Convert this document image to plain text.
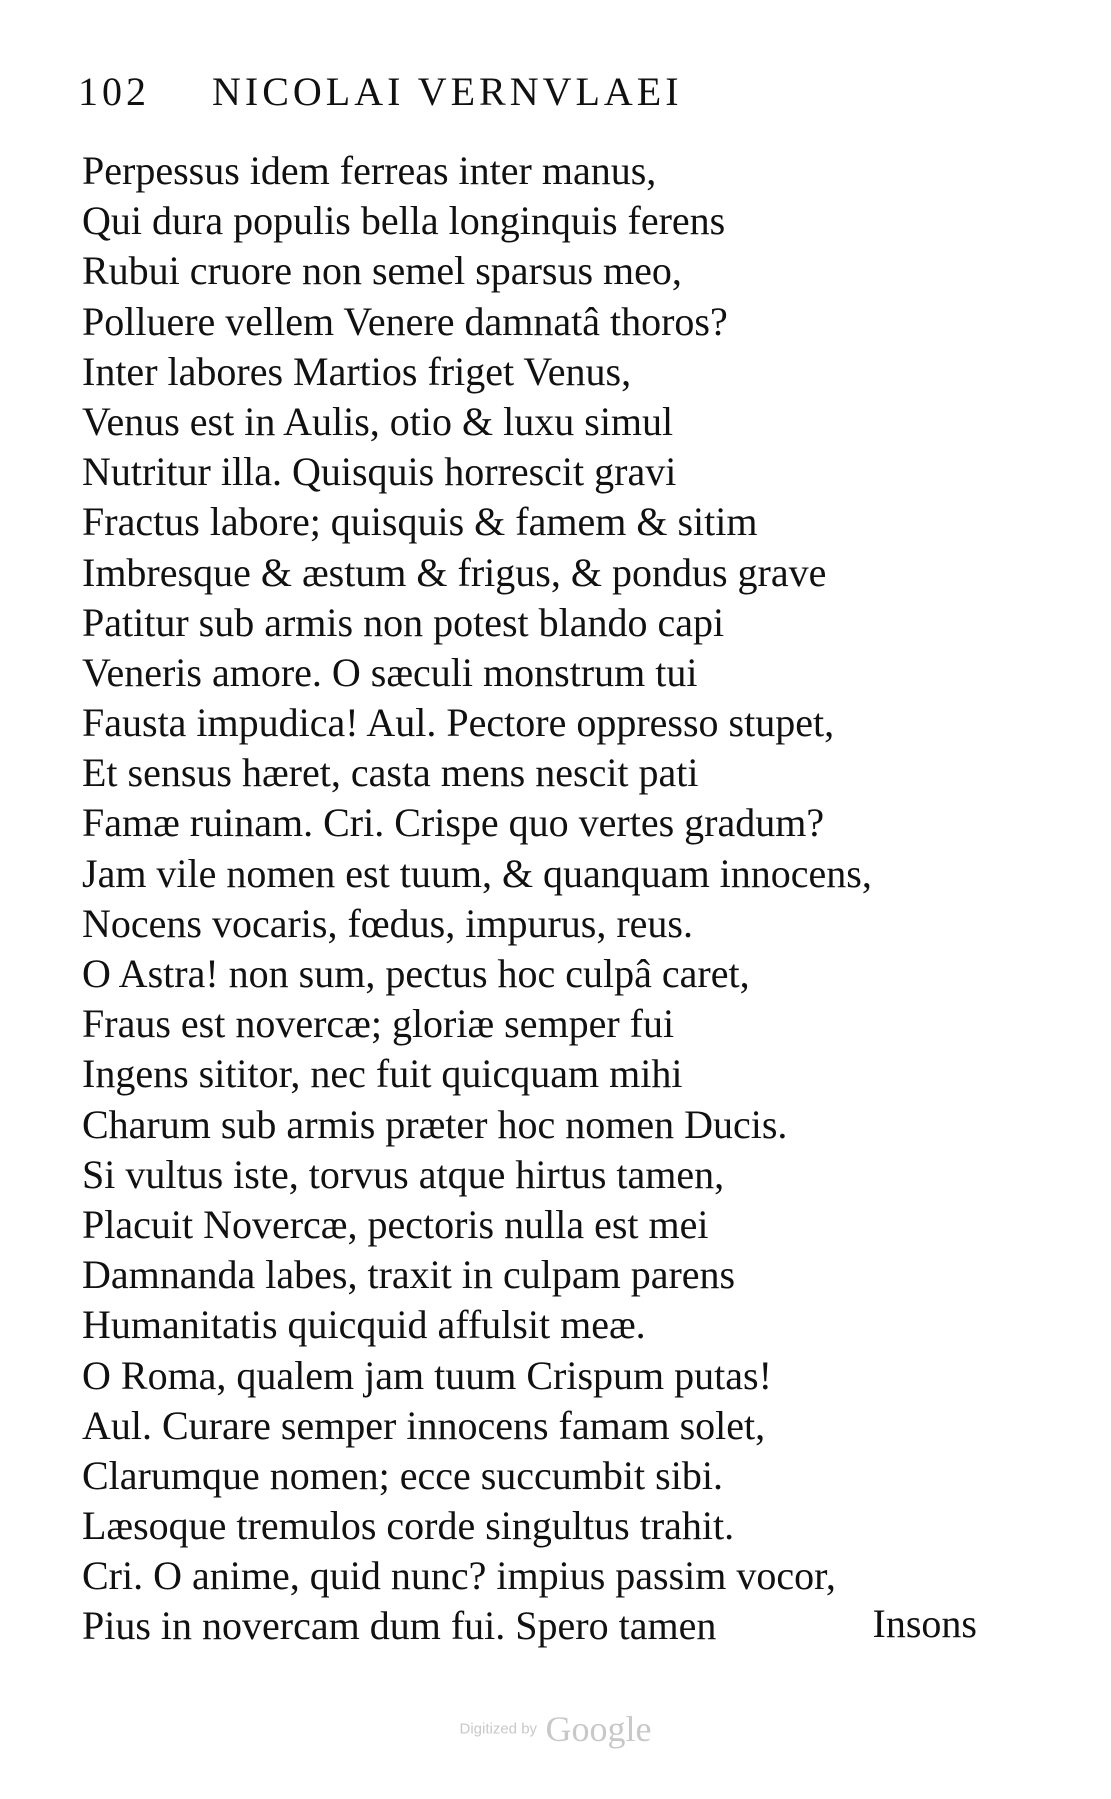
102 NICOLAI VERNVLAEI
Perpessus idem ferreas inter manus,
Qui dura populis bella longinquis ferens
Rubui cruore non semel sparsus meo,
Polluere vellem Venere damnatâ thoros?
Inter labores Martios friget Venus,
Venus est in Aulis, otio & luxu simul
Nutritur illa. Quisquis horrescit gravi
Fractus labore; quisquis & famem & sitim
Imbresque & æstum & frigus, & pondus grave
Patitur sub armis non potest blando capi
Veneris amore. O sæculi monstrum tui
Fausta impudica! Aul. Pectore oppresso stupet,
Et sensus hæret, casta mens nescit pati
Famæ ruinam. Cri. Crispe quo vertes gradum?
Jam vile nomen est tuum, & quanquam innocens,
Nocens vocaris, fœdus, impurus, reus.
O Astra! non sum, pectus hoc culpâ caret,
Fraus est novercæ; gloriæ semper fui
Ingens sititor, nec fuit quicquam mihi
Charum sub armis præter hoc nomen Ducis.
Si vultus iste, torvus atque hirtus tamen,
Placuit Novercæ, pectoris nulla est mei
Damnanda labes, traxit in culpam parens
Humanitatis quicquid affulsit meæ.
O Roma, qualem jam tuum Crispum putas!
Aul. Curare semper innocens famam solet,
Clarumque nomen; ecce succumbit sibi.
Læsoque tremulos corde singultus trahit.
Cri. O anime, quid nunc? impius passim vocor,
Pius in novercam dum fui. Spero tamen	Insons
Digitized by Google
